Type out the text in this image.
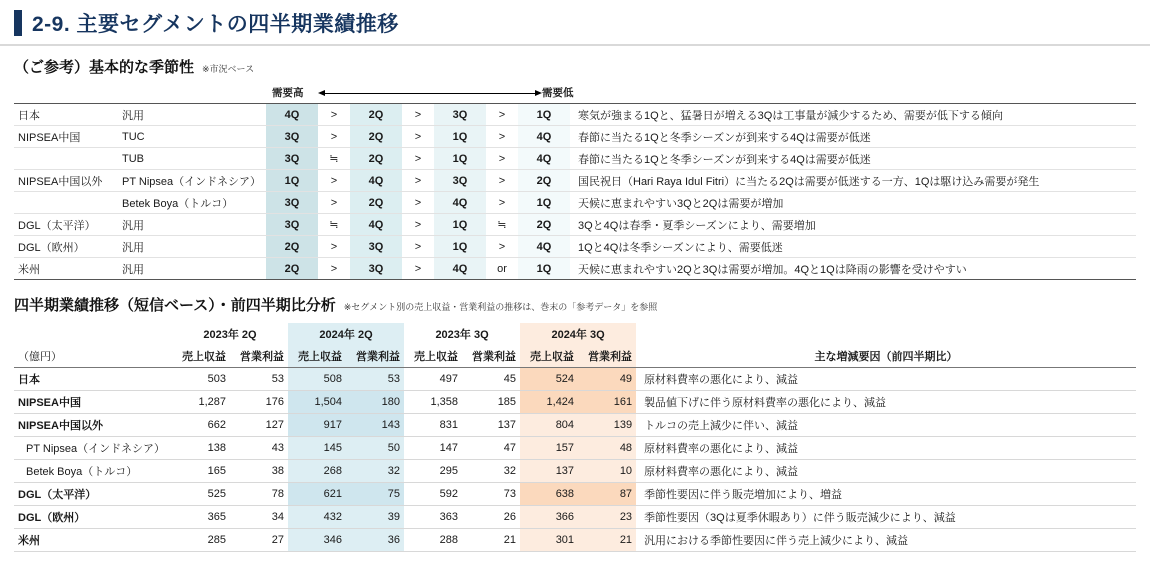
2-9. 主要セグメントの四半期業績推移
（ご参考）基本的な季節性 ※市況ベース
需要高	需要低
日本	汎用	4Q	>	2Q	>	3Q	>	1Q	寒気が強まる1Qと、猛暑日が増える3Qは工事量が減少するため、需要が低下する傾向
NIPSEA中国	TUC	3Q	>	2Q	>	1Q	>	4Q	春節に当たる1Qと冬季シーズンが到来する4Qは需要が低迷
	TUB	3Q	≒	2Q	>	1Q	>	4Q	春節に当たる1Qと冬季シーズンが到来する4Qは需要が低迷
NIPSEA中国以外	PT Nipsea（インドネシア）	1Q	>	4Q	>	3Q	>	2Q	国民祝日（Hari Raya Idul Fitri）に当たる2Qは需要が低迷する一方、1Qは駆け込み需要が発生
	Betek Boya（トルコ）	3Q	>	2Q	>	4Q	>	1Q	天候に恵まれやすい3Qと2Qは需要が増加
DGL（太平洋）	汎用	3Q	≒	4Q	>	1Q	≒	2Q	3Qと4Qは春季・夏季シーズンにより、需要増加
DGL（欧州）	汎用	2Q	>	3Q	>	1Q	>	4Q	1Qと4Qは冬季シーズンにより、需要低迷
米州	汎用	2Q	>	3Q	>	4Q	or	1Q	天候に恵まれやすい2Qと3Qは需要が増加。4Qと1Qは降雨の影響を受けやすい
四半期業績推移（短信ベース）・前四半期比分析 ※セグメント別の売上収益・営業利益の推移は、巻末の「参考データ」を参照
	2023年 2Q		2024年 2Q		2023年 3Q		2024年 3Q		
（億円）	売上収益	営業利益	売上収益	営業利益	売上収益	営業利益	売上収益	営業利益	主な増減要因（前四半期比）
日本	503	53	508	53	497	45	524	49	原材料費率の悪化により、減益
NIPSEA中国	1,287	176	1,504	180	1,358	185	1,424	161	製品値下げに伴う原材料費率の悪化により、減益
NIPSEA中国以外	662	127	917	143	831	137	804	139	トルコの売上減少に伴い、減益
PT Nipsea（インドネシア）	138	43	145	50	147	47	157	48	原材料費率の悪化により、減益
Betek Boya（トルコ）	165	38	268	32	295	32	137	10	原材料費率の悪化により、減益
DGL（太平洋）	525	78	621	75	592	73	638	87	季節性要因に伴う販売増加により、増益
DGL（欧州）	365	34	432	39	363	26	366	23	季節性要因（3Qは夏季休暇あり）に伴う販売減少により、減益
米州	285	27	346	36	288	21	301	21	汎用における季節性要因に伴う売上減少により、減益
